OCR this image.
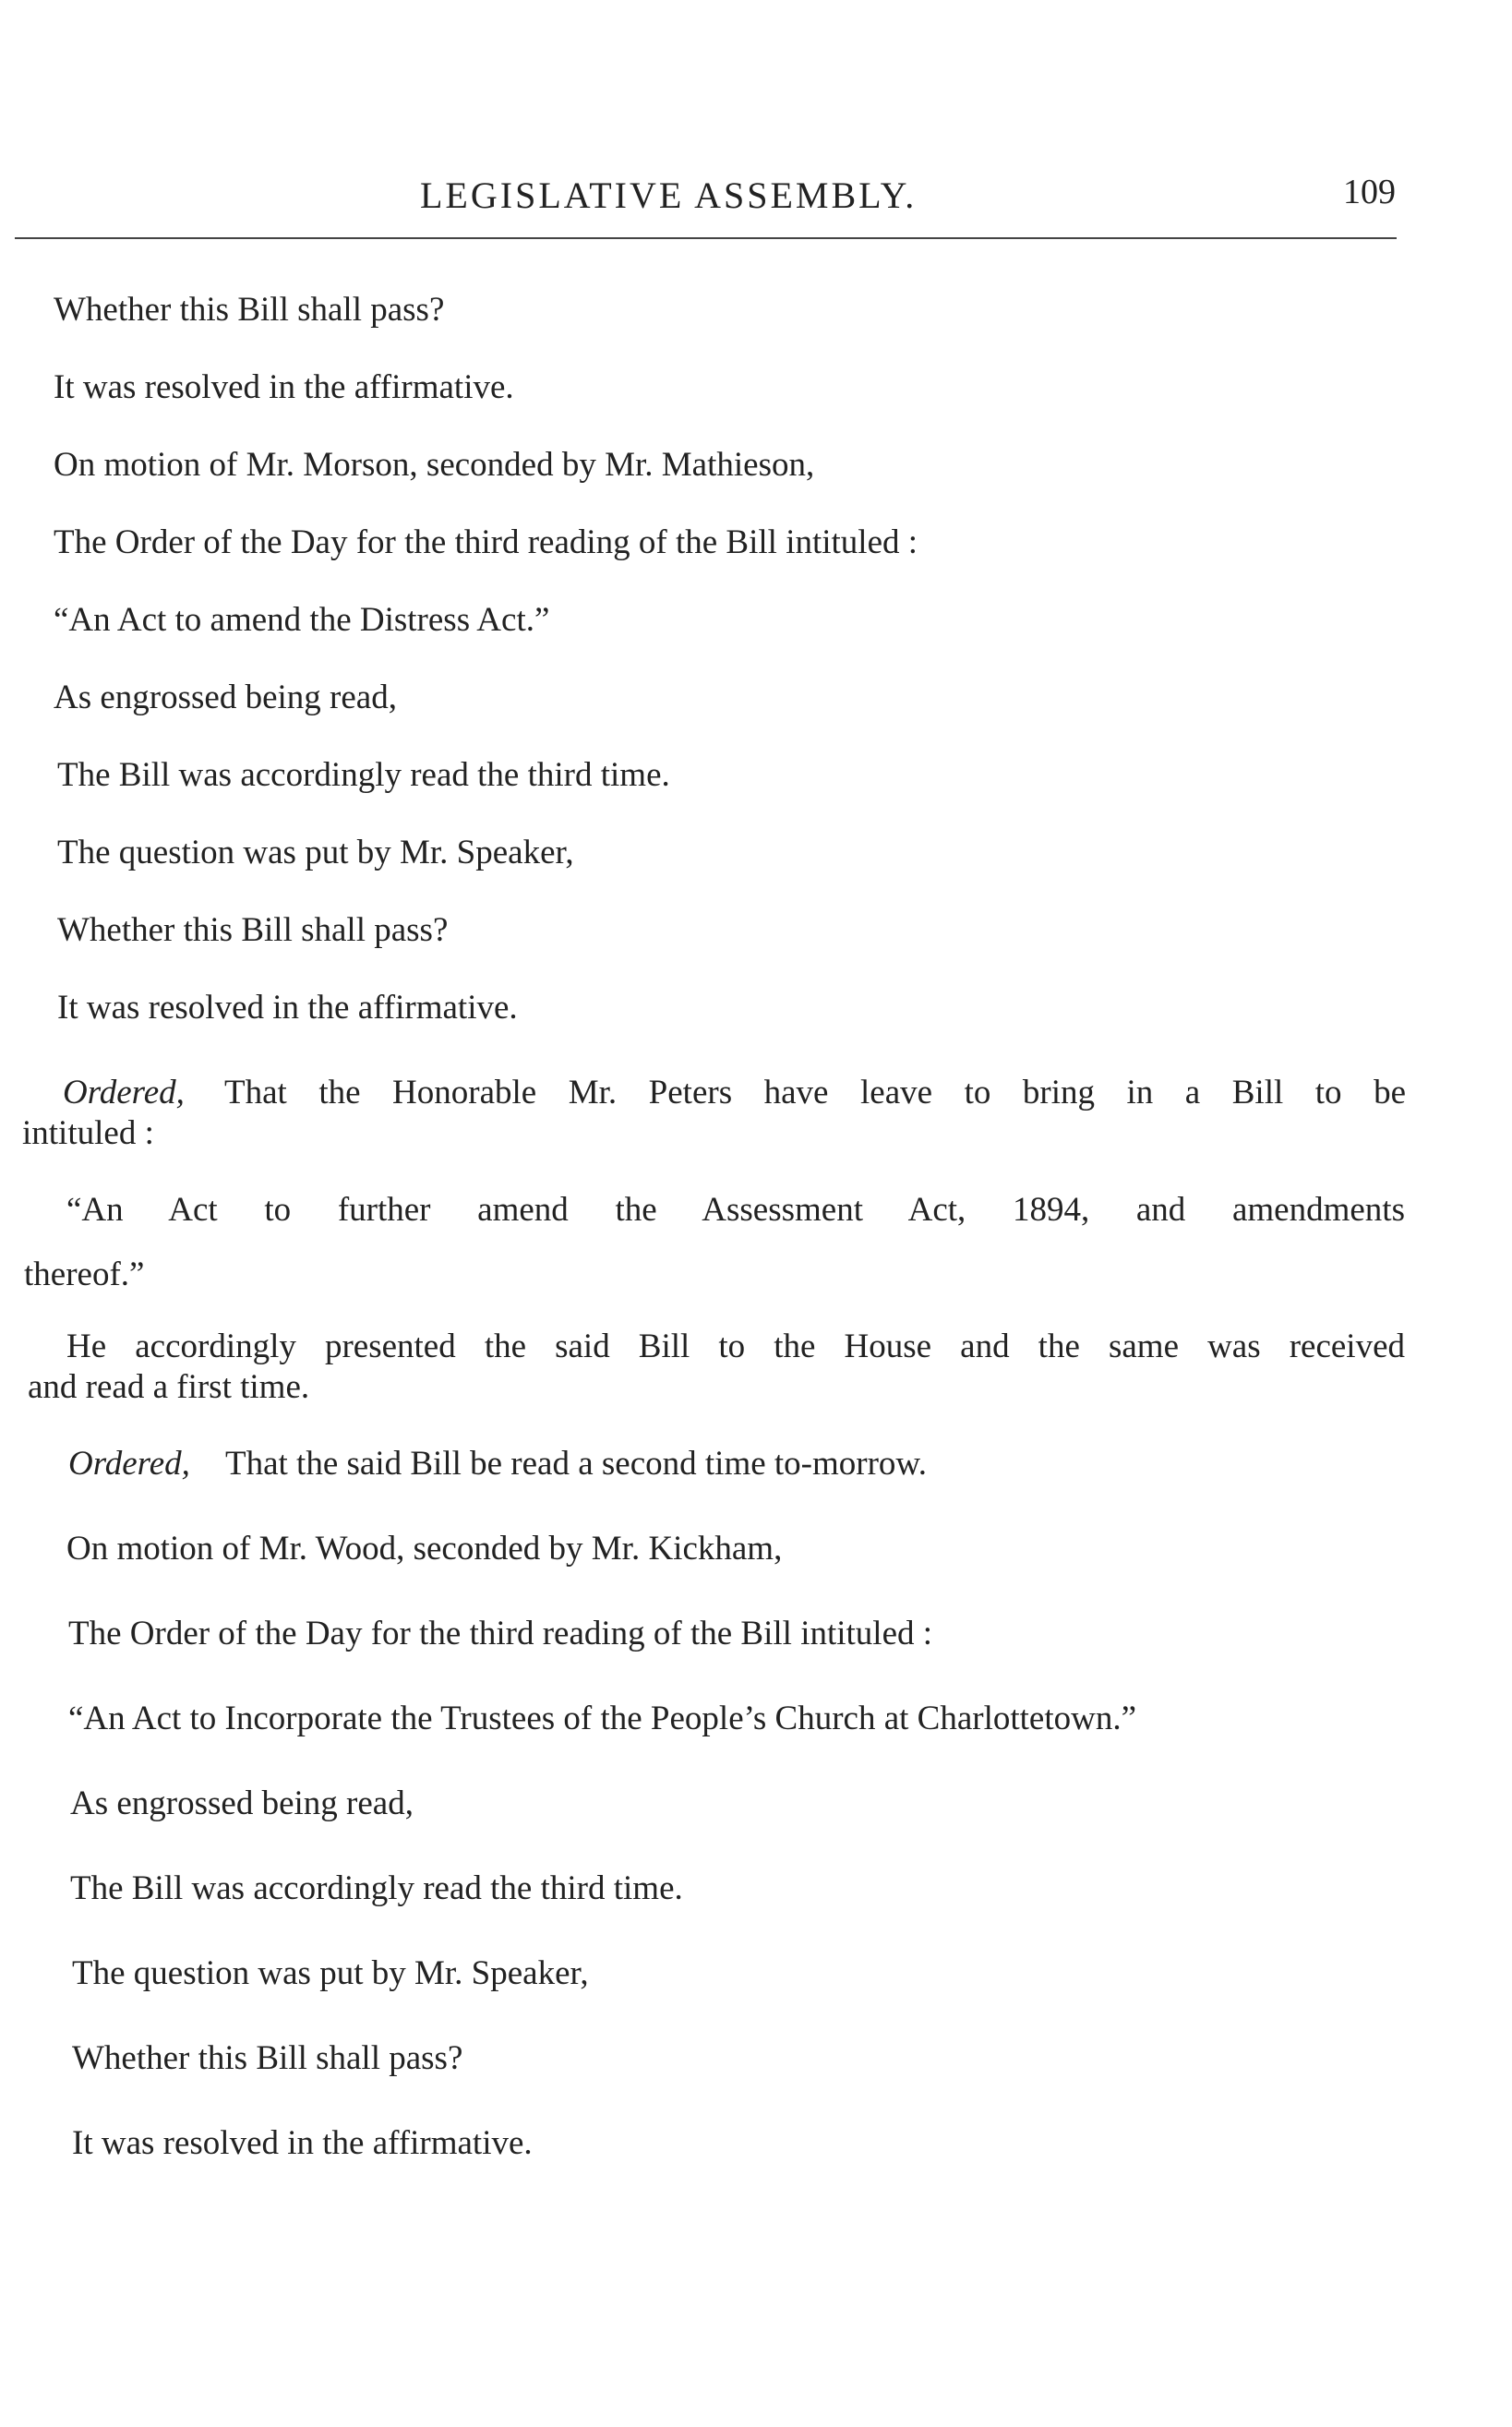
LEGISLATIVE ASSEMBLY.	109
Whether this Bill shall pass?
It was resolved in the affirmative.
On motion of Mr. Morson, seconded by Mr. Mathieson,
The Order of the Day for the third reading of the Bill intituled :
“An Act to amend the Distress Act.”
As engrossed being read,
The Bill was accordingly read the third time.
The question was put by Mr. Speaker,
Whether this Bill shall pass?
It was resolved in the affirmative.
Ordered, That the Honorable Mr. Peters have leave to bring in a Bill to be
intituled :
“An Act to further amend the Assessment Act, 1894, and amendments
thereof.”
He accordingly presented the said Bill to the House and the same was received
and read a first time.
Ordered, That the said Bill be read a second time to-morrow.
On motion of Mr. Wood, seconded by Mr. Kickham,
The Order of the Day for the third reading of the Bill intituled :
“An Act to Incorporate the Trustees of the People’s Church at Charlottetown.”
As engrossed being read,
The Bill was accordingly read the third time.
The question was put by Mr. Speaker,
Whether this Bill shall pass?
It was resolved in the affirmative.
